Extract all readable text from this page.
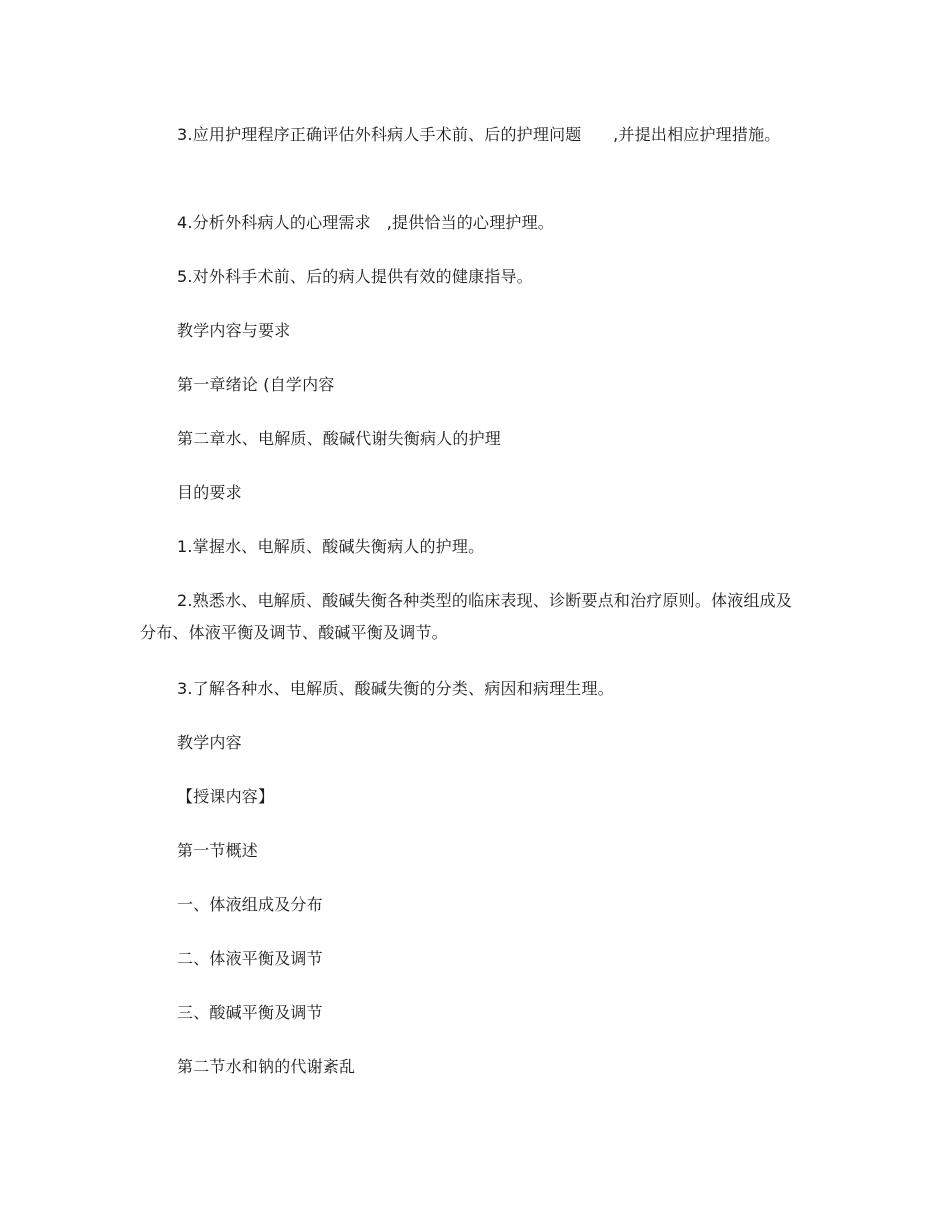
3.应用护理程序正确评估外科病人手术前、后的护理问题      ,并提出相应护理措施。

4.分析外科病人的心理需求   ,提供恰当的心理护理。

5.对外科手术前、后的病人提供有效的健康指导。

教学内容与要求

第一章绪论 (自学内容

第二章水、电解质、酸碱代谢失衡病人的护理

目的要求

1.掌握水、电解质、酸碱失衡病人的护理。

2.熟悉水、电解质、酸碱失衡各种类型的临床表现、诊断要点和治疗原则。体液组成及分布、体液平衡及调节、酸碱平衡及调节。

3.了解各种水、电解质、酸碱失衡的分类、病因和病理生理。

教学内容

【授课内容】

第一节概述

一、体液组成及分布

二、体液平衡及调节

三、酸碱平衡及调节

第二节水和钠的代谢紊乱
